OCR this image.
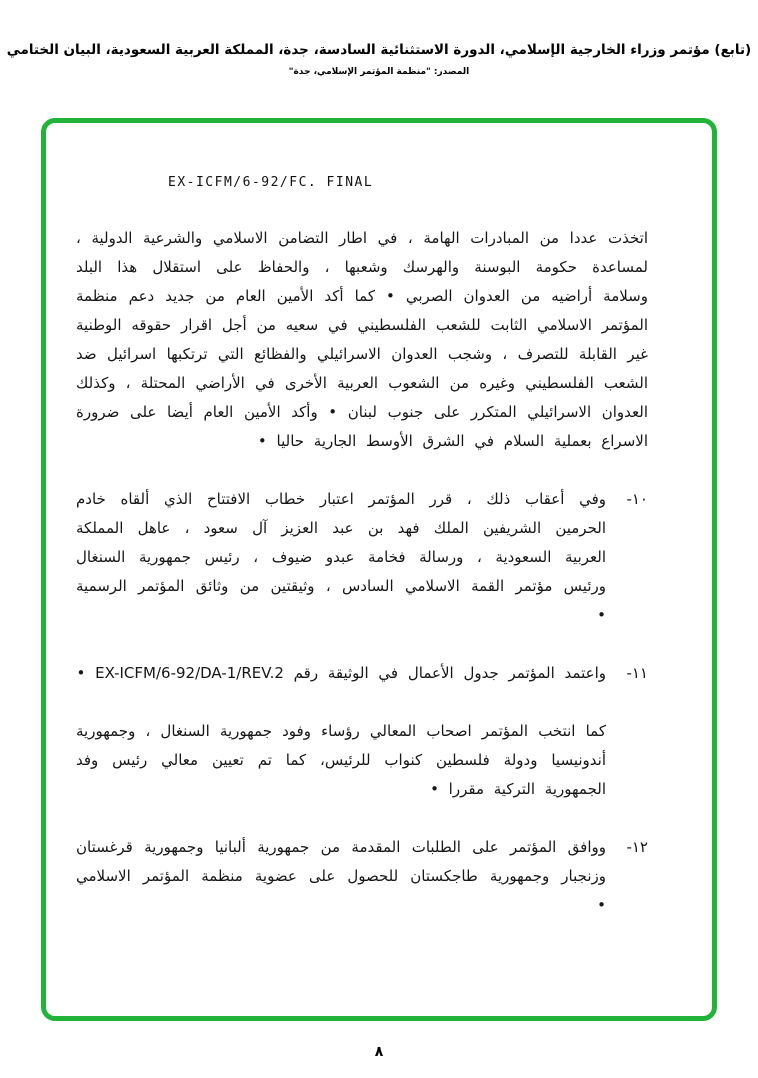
(تابع) مؤتمر وزراء الخارجية الإسلامي، الدورة الاستثنائية السادسة، جدة، المملكة العربية السعودية، البيان الختامي
المصدر: "منظمة المؤتمر الإسلامي، جدة"
EX-ICFM/6-92/FC. FINAL

اتخذت عددا من المبادرات الهامة ، في اطار التضامن الاسلامي والشرعية الدولية ، لمساعدة حكومة البوسنة والهرسك وشعبها ، والحفاظ على استقلال هذا البلد وسلامة أراضيه من العدوان الصربي • كما أكد الأمين العام من جديد دعم منظمة المؤتمر الاسلامي الثابت للشعب الفلسطيني في سعيه من أجل اقرار حقوقه الوطنية غير القابلة للتصرف ، وشجب العدوان الاسرائيلي والفظائع التي ترتكبها اسرائيل ضد الشعب الفلسطيني وغيره من الشعوب العربية الأخرى في الأراضي المحتلة ، وكذلك العدوان الاسرائيلي المتكرر على جنوب لبنان • وأكد الأمين العام أيضا على ضرورة الاسراع بعملية السلام في الشرق الأوسط الجارية حاليا •

١٠-

وفي أعقاب ذلك ، قرر المؤتمر اعتبار خطاب الافتتاح الذي ألقاه خادم الحرمين الشريفين الملك فهد بن عبد العزيز آل سعود ، عاهل المملكة العربية السعودية ، ورسالة فخامة عبدو ضيوف ، رئيس جمهورية السنغال ورئيس مؤتمر القمة الاسلامي السادس ، وثيقتين من وثائق المؤتمر الرسمية •

١١-

واعتمد المؤتمر جدول الأعمال في الوثيقة رقم EX-ICFM/6-92/DA-1/REV.2 •

كما انتخب المؤتمر اصحاب المعالي رؤساء وفود جمهورية السنغال ، وجمهورية أندونيسيا ودولة فلسطين كنواب للرئيس، كما تم تعيين معالي رئيس وفد الجمهورية التركية مقررا •

١٢-

ووافق المؤتمر على الطلبات المقدمة من جمهورية ألبانيا وجمهورية قرغستان وزنجبار وجمهورية طاجكستان للحصول على عضوية منظمة المؤتمر الاسلامي •

٨
